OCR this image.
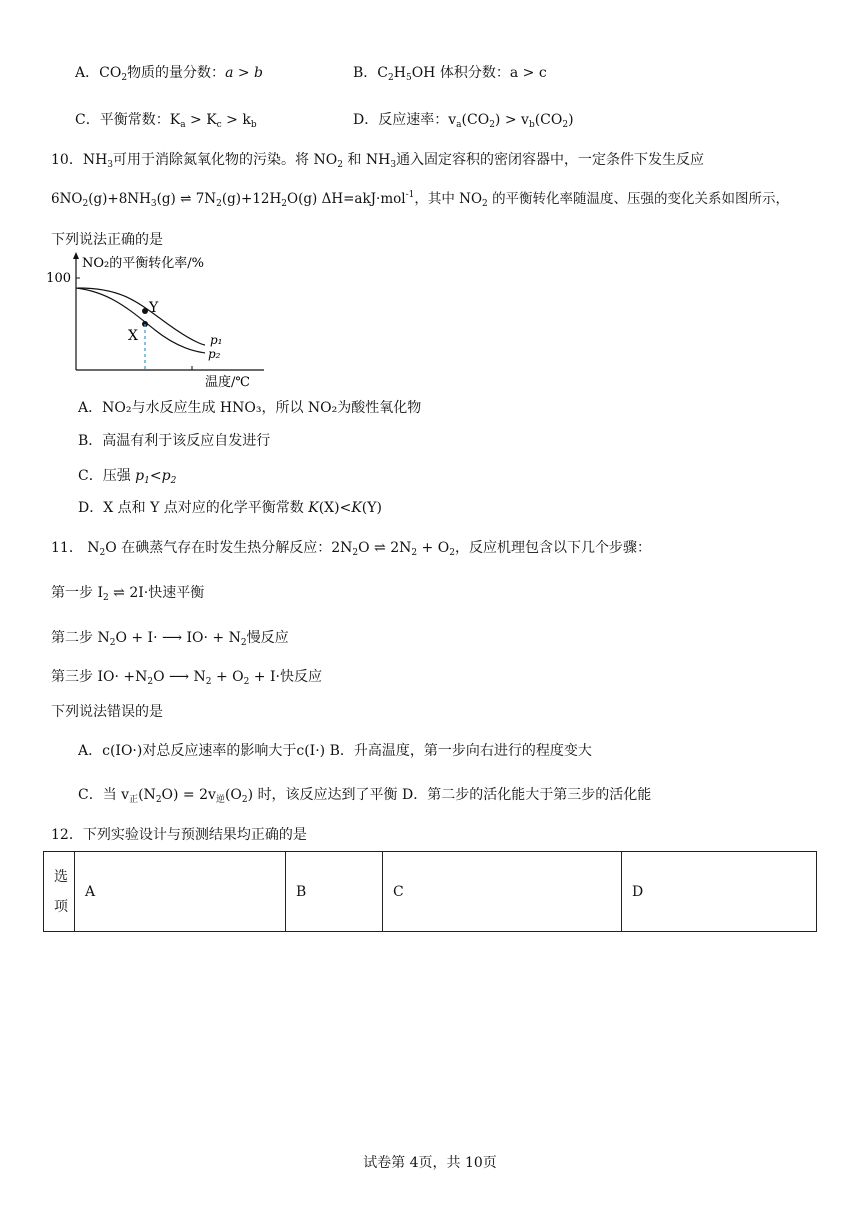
A．$CO_2$物质的量分数：a > b	B．$C_2H_5OH$ 体积分数：a > c
C．平衡常数：$K_a > K_c > k_b$	D．反应速率：$v_a(CO_2) > v_b(CO_2)$
10．$NH_3$可用于消除氮氧化物的污染。将 $NO_2$ 和 $NH_3$通入固定容积的密闭容器中，一定条件下发生反应
$6NO_2(g)+8NH_3(g)$ ⇌ $7N_2(g)+12H_2O(g)$ ΔH=akJ·mol$^{-1}$，其中 $NO_2$ 的平衡转化率随温度、压强的变化关系如图所示，
下列说法正确的是
100
NO₂的平衡转化率/%
Y
X	p₁
p₂
温度/℃
A．NO₂与水反应生成 HNO₃，所以 NO₂为酸性氧化物
B．高温有利于该反应自发进行
C．压强 $p_1<p_2$
D．X 点和 Y 点对应的化学平衡常数 K(X)<K(Y)
11． $N_2O$ 在碘蒸气存在时发生热分解反应：$2N_2O$ ⇌ $2N_2 + O_2$，反应机理包含以下几个步骤：
第一步 $I_2$ ⇌ 2I·快速平衡
第二步 $N_2O + I\cdot$ ⟶ $IO\cdot + N_2$慢反应
第三步 $IO\cdot +N_2O$ ⟶ $N_2 + O_2 + I\cdot$快反应
下列说法错误的是
A．c(IO·)对总反应速率的影响大于c(I·) B．升高温度，第一步向右进行的程度变大
C．当 $v_正(N_2O) = 2v_逆(O_2)$ 时，该反应达到了平衡 D．第二步的活化能大于第三步的活化能
12．下列实验设计与预测结果均正确的是
选
项	A	B	C	D
试卷第 4页，共 10页
